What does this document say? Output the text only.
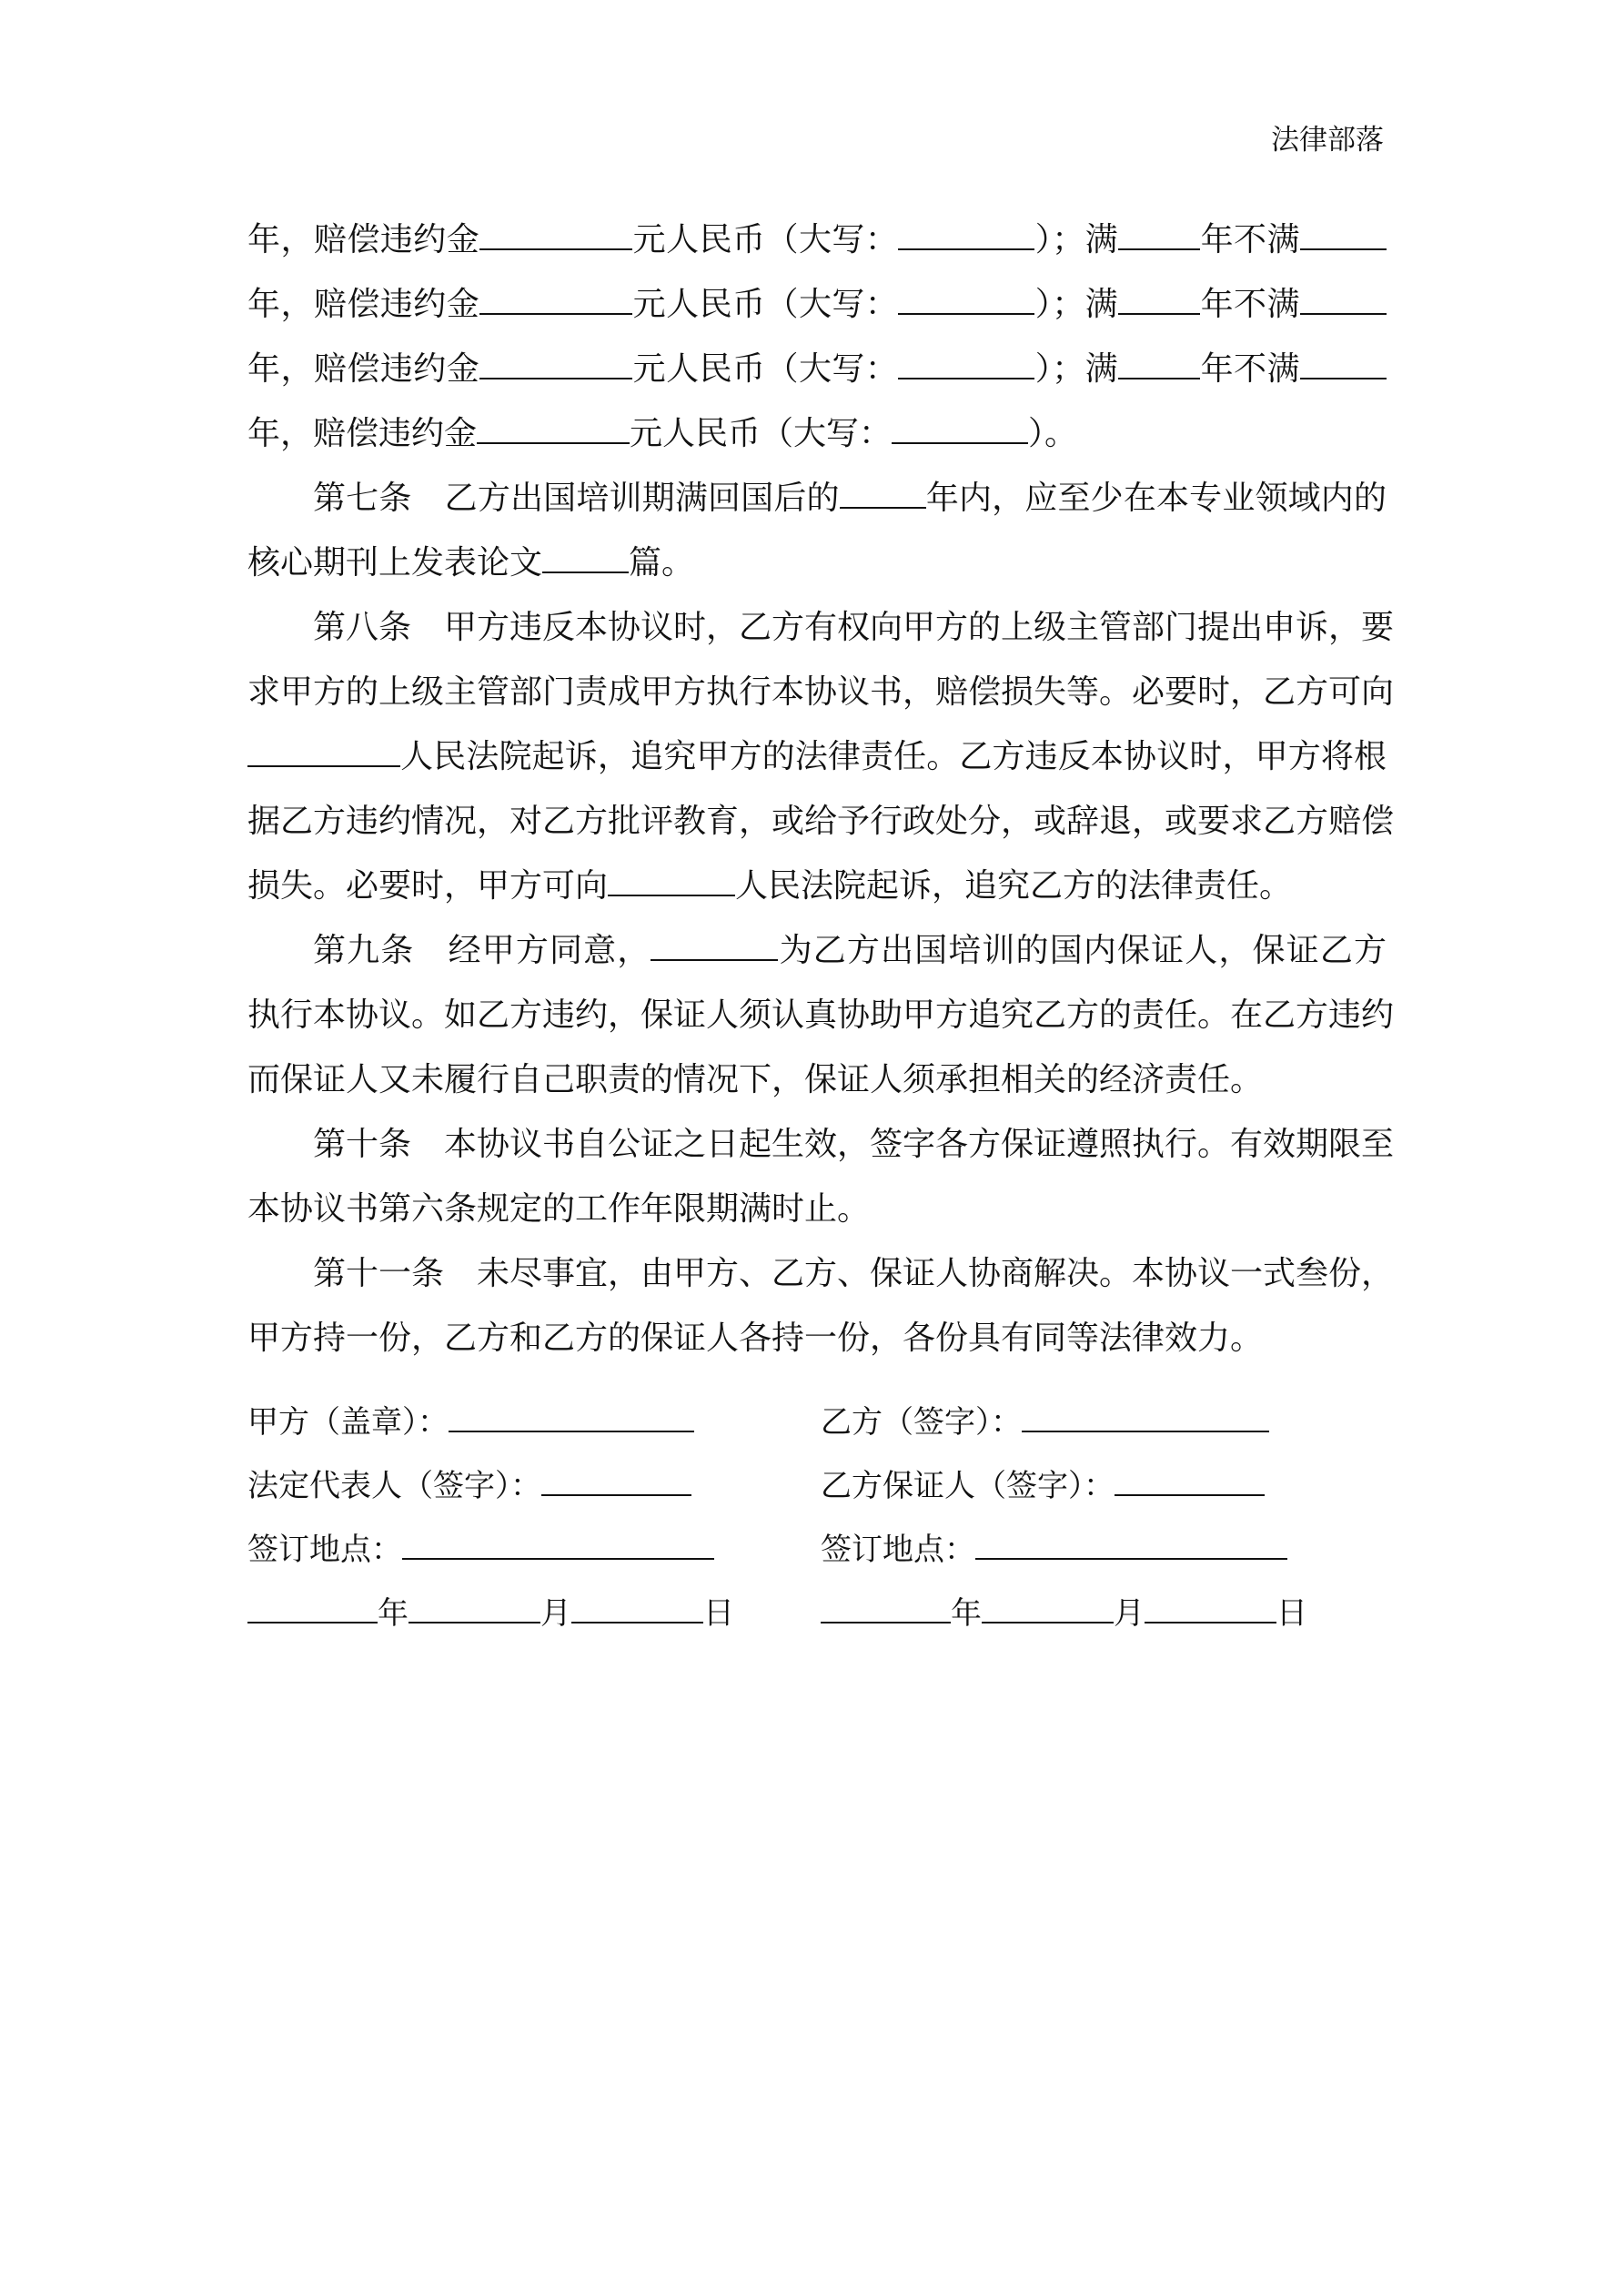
法律部落
年，赔偿违约金	元人民币（大写：	）；满	年不满
年，赔偿违约金	元人民币（大写：	）；满	年不满
年，赔偿违约金	元人民币（大写：	）；满	年不满
年，赔偿违约金	元人民币（大写：	）。
第七条　乙方出国培训期满回国后的	年内，应至少在本专业领域内的
核心期刊上发表论文	篇。
第八条　甲方违反本协议时，乙方有权向甲方的上级主管部门提出申诉，要
求甲方的上级主管部门责成甲方执行本协议书，赔偿损失等。必要时，乙方可向
人民法院起诉，追究甲方的法律责任。乙方违反本协议时，甲方将根
据乙方违约情况，对乙方批评教育，或给予行政处分，或辞退，或要求乙方赔偿
损失。必要时，甲方可向	人民法院起诉，追究乙方的法律责任。
第九条　经甲方同意，	为乙方出国培训的国内保证人，保证乙方
执行本协议。如乙方违约，保证人须认真协助甲方追究乙方的责任。在乙方违约
而保证人又未履行自己职责的情况下，保证人须承担相关的经济责任。
第十条　本协议书自公证之日起生效，签字各方保证遵照执行。有效期限至
本协议书第六条规定的工作年限期满时止。
第十一条　未尽事宜，由甲方、乙方、保证人协商解决。本协议一式叁份，
甲方持一份，乙方和乙方的保证人各持一份，各份具有同等法律效力。
甲方（盖章）：	乙方（签字）：
法定代表人（签字）：	乙方保证人（签字）：
签订地点：	签订地点：
年	月	日	年	月	日
